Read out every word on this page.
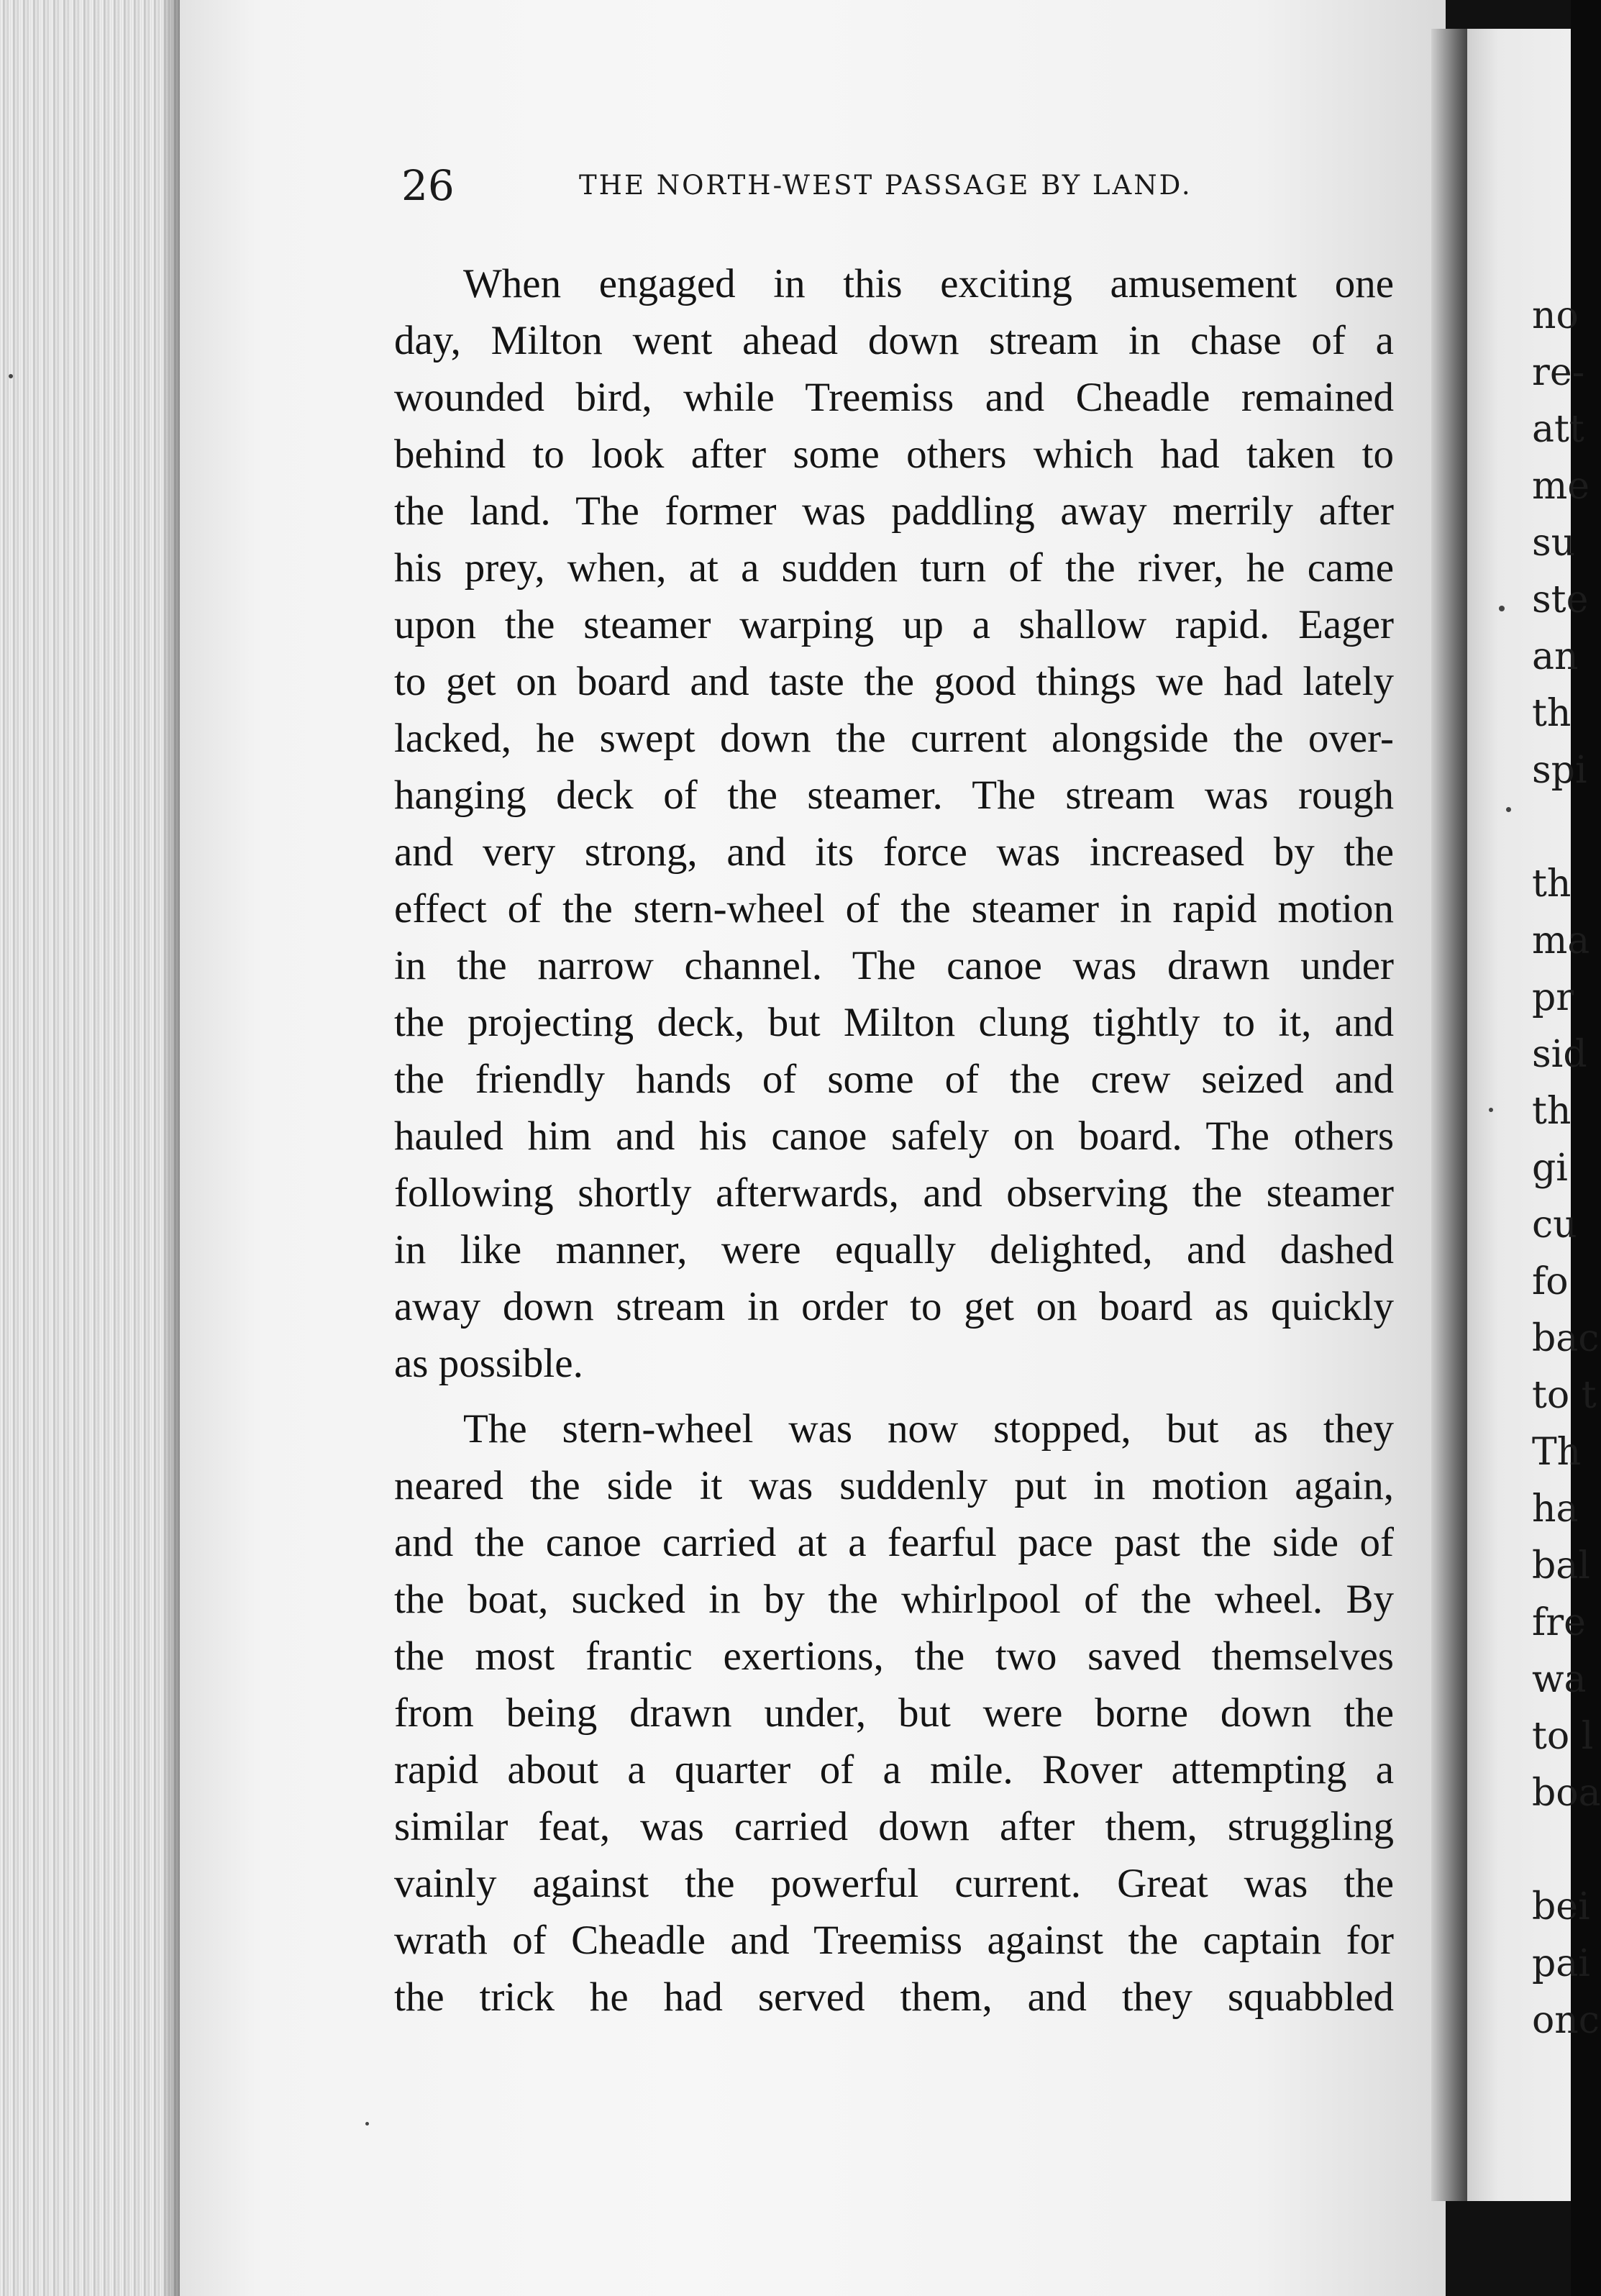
no
re-
att
me
su
ste
an
th
spi
th
ma
pr
sid
th
gi
cu
fo
bac
to t
Th
ha
bal
fre
wa
to l
boa
bei
pai
onc
26	THE NORTH-WEST PASSAGE BY LAND.
When engaged in this exciting amusement one
day, Milton went ahead down stream in chase of a
wounded bird, while Treemiss and Cheadle remained
behind to look after some others which had taken to
the land. The former was paddling away merrily after
his prey, when, at a sudden turn of the river, he came
upon the steamer warping up a shallow rapid. Eager
to get on board and taste the good things we had lately
lacked, he swept down the current alongside the over-
hanging deck of the steamer. The stream was rough
and very strong, and its force was increased by the
effect of the stern-wheel of the steamer in rapid motion
in the narrow channel. The canoe was drawn under
the projecting deck, but Milton clung tightly to it, and
the friendly hands of some of the crew seized and
hauled him and his canoe safely on board. The others
following shortly afterwards, and observing the steamer
in like manner, were equally delighted, and dashed
away down stream in order to get on board as quickly
as possible.
The stern-wheel was now stopped, but as they
neared the side it was suddenly put in motion again,
and the canoe carried at a fearful pace past the side of
the boat, sucked in by the whirlpool of the wheel. By
the most frantic exertions, the two saved themselves
from being drawn under, but were borne down the
rapid about a quarter of a mile. Rover attempting a
similar feat, was carried down after them, struggling
vainly against the powerful current. Great was the
wrath of Cheadle and Treemiss against the captain for
the trick he had served them, and they squabbled
